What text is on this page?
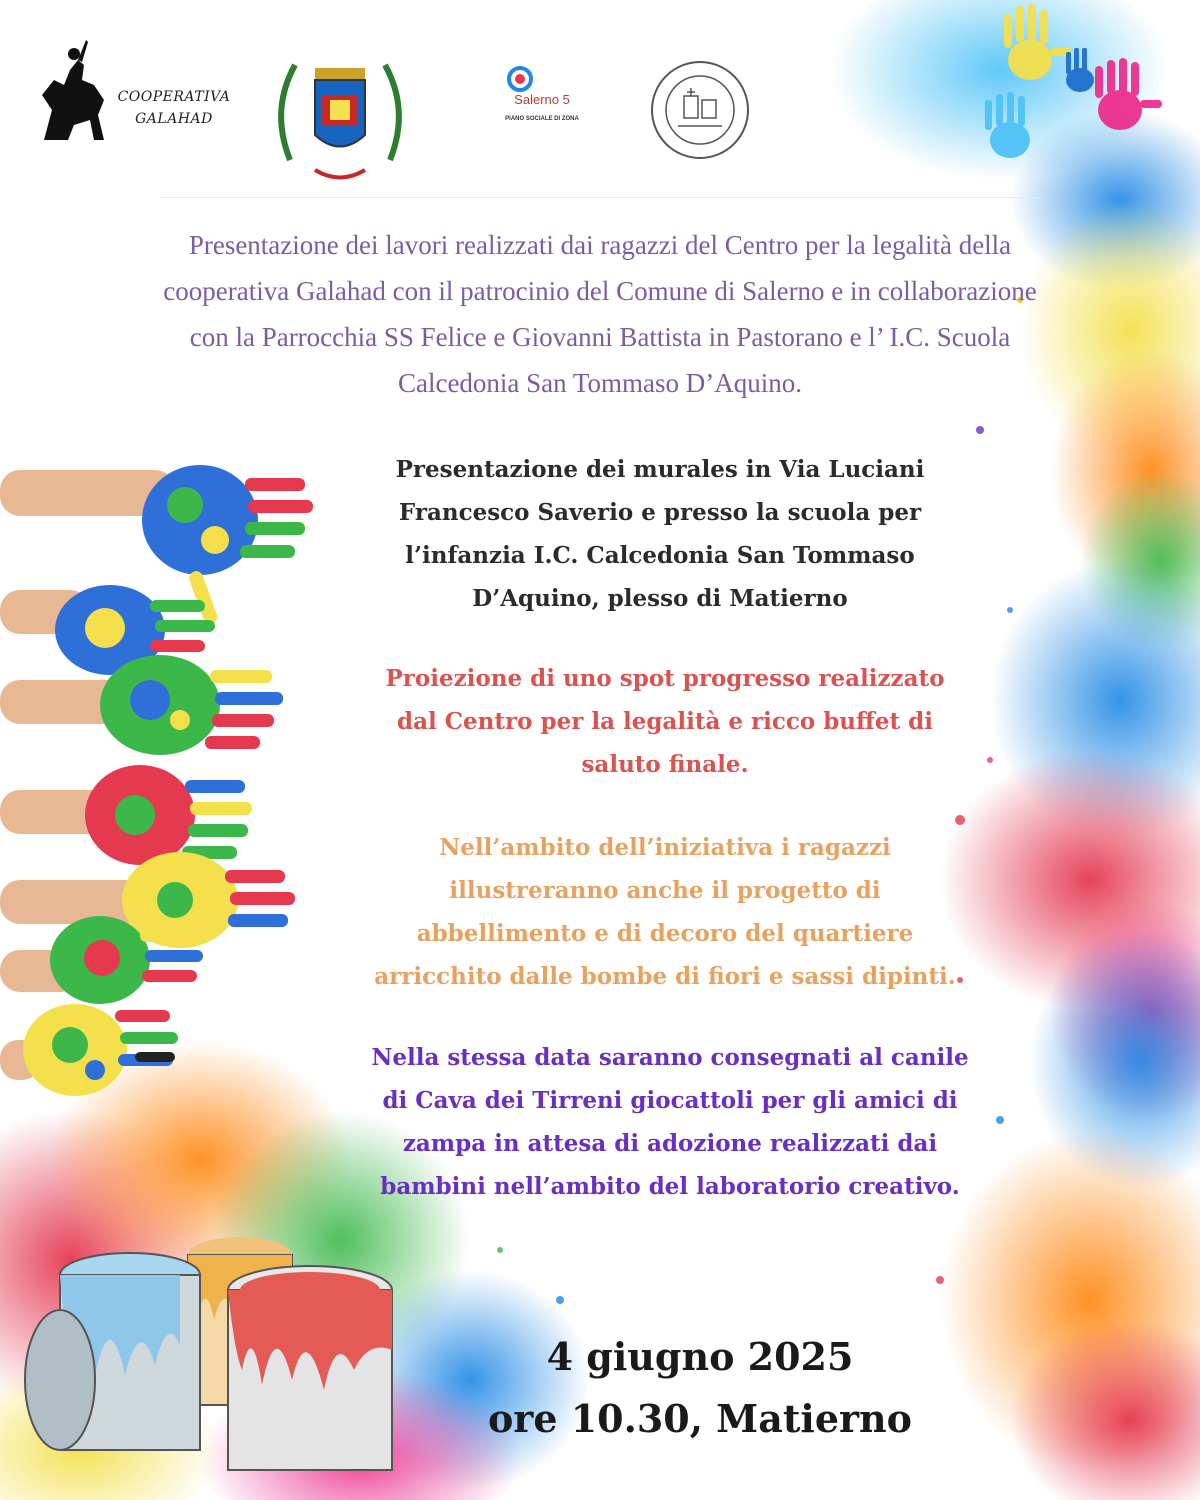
COOPERATIVA
GALAHAD
Salerno 5
PIANO SOCIALE DI ZONA
Presentazione dei lavori realizzati dai ragazzi del Centro per la legalità della
cooperativa Galahad con il patrocinio del Comune di Salerno e in collaborazione
con la Parrocchia SS Felice e Giovanni Battista in Pastorano e l’ I.C. Scuola
Calcedonia San Tommaso D’Aquino.
Presentazione dei murales in Via Luciani
Francesco Saverio e presso la scuola per
l’infanzia I.C. Calcedonia San Tommaso
D’Aquino, plesso di Matierno
Proiezione di uno spot progresso realizzato
dal Centro per la legalità e ricco buffet di
saluto finale.
Nell’ambito dell’iniziativa i ragazzi
illustreranno anche il progetto di
abbellimento e di decoro del quartiere
arricchito dalle bombe di fiori e sassi dipinti.
Nella stessa data saranno consegnati al canile
di Cava dei Tirreni giocattoli per gli amici di
zampa in attesa di adozione realizzati dai
bambini nell’ambito del laboratorio creativo.
4 giugno 2025
ore 10.30, Matierno
